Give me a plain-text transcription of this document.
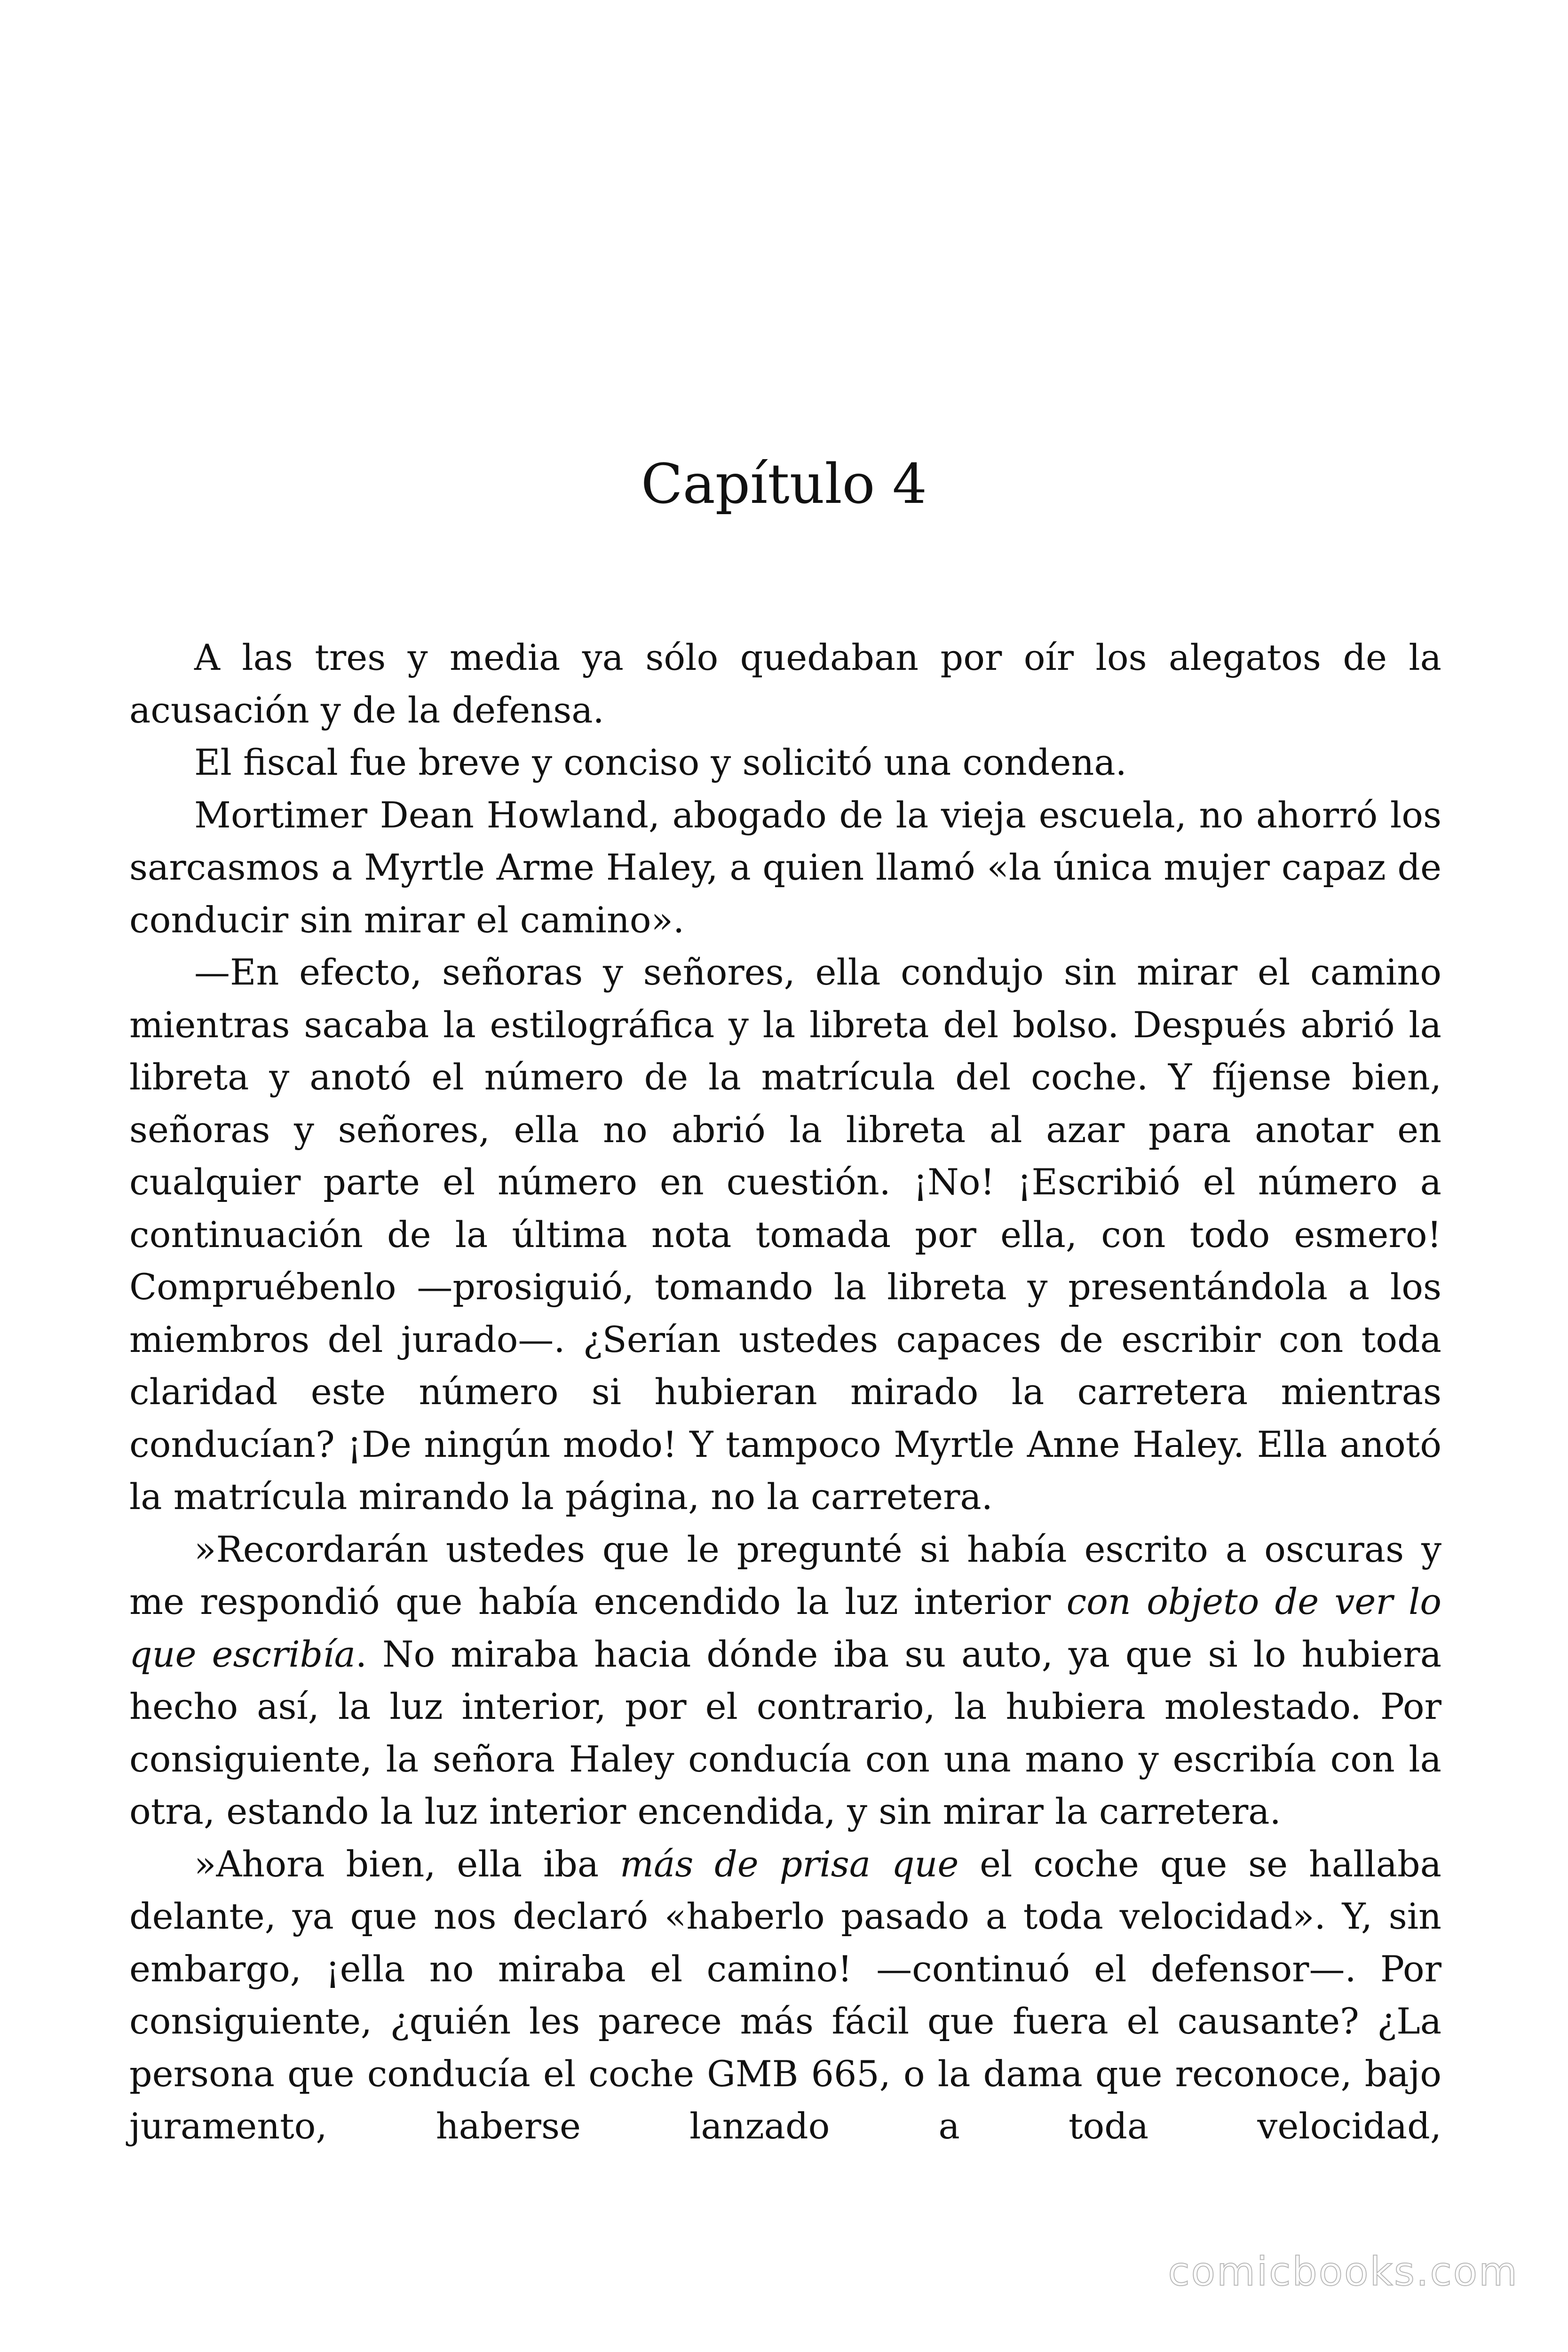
Capítulo 4

A las tres y media ya sólo quedaban por oír los alegatos de la acusación y de la defensa.

El fiscal fue breve y conciso y solicitó una condena.

Mortimer Dean Howland, abogado de la vieja escuela, no ahorró los sarcasmos a Myrtle Arme Haley, a quien llamó «la única mujer capaz de conducir sin mirar el camino».

—En efecto, señoras y señores, ella condujo sin mirar el camino mientras sacaba la estilográfica y la libreta del bolso. Después abrió la libreta y anotó el número de la matrícula del coche. Y fíjense bien, señoras y señores, ella no abrió la libreta al azar para anotar en cualquier parte el número en cuestión. ¡No! ¡Escribió el número a continuación de la última nota tomada por ella, con todo esmero! Compruébenlo —prosiguió, tomando la libreta y presentándola a los miembros del jurado—. ¿Serían ustedes capaces de escribir con toda claridad este número si hubieran mirado la carretera mientras conducían? ¡De ningún modo! Y tampoco Myrtle Anne Haley. Ella anotó la matrícula mirando la página, no la carretera.

»Recordarán ustedes que le pregunté si había escrito a oscuras y me respondió que había encendido la luz interior con objeto de ver lo que escribía. No miraba hacia dónde iba su auto, ya que si lo hubiera hecho así, la luz interior, por el contrario, la hubiera molestado. Por consiguiente, la señora Haley conducía con una mano y escribía con la otra, estando la luz interior encendida, y sin mirar la carretera.

»Ahora bien, ella iba más de prisa que el coche que se hallaba delante, ya que nos declaró «haberlo pasado a toda velocidad». Y, sin embargo, ¡ella no miraba el camino! —continuó el defensor—. Por consiguiente, ¿quién les parece más fácil que fuera el causante? ¿La persona que conducía el coche GMB 665, o la dama que reconoce, bajo juramento, haberse lanzado a toda velocidad,

comicbooks.com
